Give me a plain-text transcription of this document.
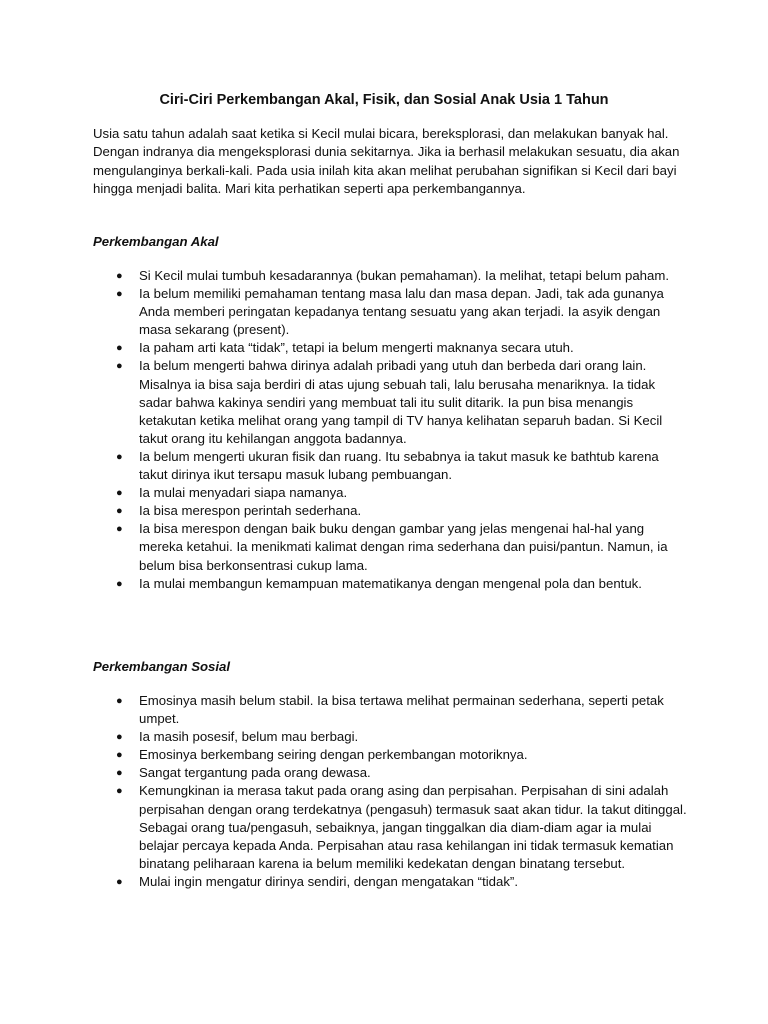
Ciri-Ciri Perkembangan Akal, Fisik, dan Sosial Anak Usia 1 Tahun
Usia satu tahun adalah saat ketika si Kecil mulai bicara, bereksplorasi, dan melakukan banyak hal. Dengan indranya dia mengeksplorasi dunia sekitarnya. Jika ia berhasil melakukan sesuatu, dia akan mengulanginya berkali-kali. Pada usia inilah kita akan melihat perubahan signifikan si Kecil dari bayi hingga menjadi balita. Mari kita perhatikan seperti apa perkembangannya.
Perkembangan Akal
● Si Kecil mulai tumbuh kesadarannya (bukan pemahaman). Ia melihat, tetapi belum paham.
● Ia belum memiliki pemahaman tentang masa lalu dan masa depan. Jadi, tak ada gunanya Anda memberi peringatan kepadanya tentang sesuatu yang akan terjadi. Ia asyik dengan masa sekarang (present).
● Ia paham arti kata “tidak”, tetapi ia belum mengerti maknanya secara utuh.
● Ia belum mengerti bahwa dirinya adalah pribadi yang utuh dan berbeda dari orang lain. Misalnya ia bisa saja berdiri di atas ujung sebuah tali, lalu berusaha menariknya. Ia tidak sadar bahwa kakinya sendiri yang membuat tali itu sulit ditarik. Ia pun bisa menangis ketakutan ketika melihat orang yang tampil di TV hanya kelihatan separuh badan. Si Kecil takut orang itu kehilangan anggota badannya.
● Ia belum mengerti ukuran fisik dan ruang. Itu sebabnya ia takut masuk ke bathtub karena takut dirinya ikut tersapu masuk lubang pembuangan.
● Ia mulai menyadari siapa namanya.
● Ia bisa merespon perintah sederhana.
● Ia bisa merespon dengan baik buku dengan gambar yang jelas mengenai hal-hal yang mereka ketahui. Ia menikmati kalimat dengan rima sederhana dan puisi/pantun. Namun, ia belum bisa berkonsentrasi cukup lama.
● Ia mulai membangun kemampuan matematikanya dengan mengenal pola dan bentuk.
Perkembangan Sosial
● Emosinya masih belum stabil. Ia bisa tertawa melihat permainan sederhana, seperti petak umpet.
● Ia masih posesif, belum mau berbagi.
● Emosinya berkembang seiring dengan perkembangan motoriknya.
● Sangat tergantung pada orang dewasa.
● Kemungkinan ia merasa takut pada orang asing dan perpisahan. Perpisahan di sini adalah perpisahan dengan orang terdekatnya (pengasuh) termasuk saat akan tidur. Ia takut ditinggal. Sebagai orang tua/pengasuh, sebaiknya, jangan tinggalkan dia diam-diam agar ia mulai belajar percaya kepada Anda. Perpisahan atau rasa kehilangan ini tidak termasuk kematian binatang peliharaan karena ia belum memiliki kedekatan dengan binatang tersebut.
● Mulai ingin mengatur dirinya sendiri, dengan mengatakan “tidak”.
